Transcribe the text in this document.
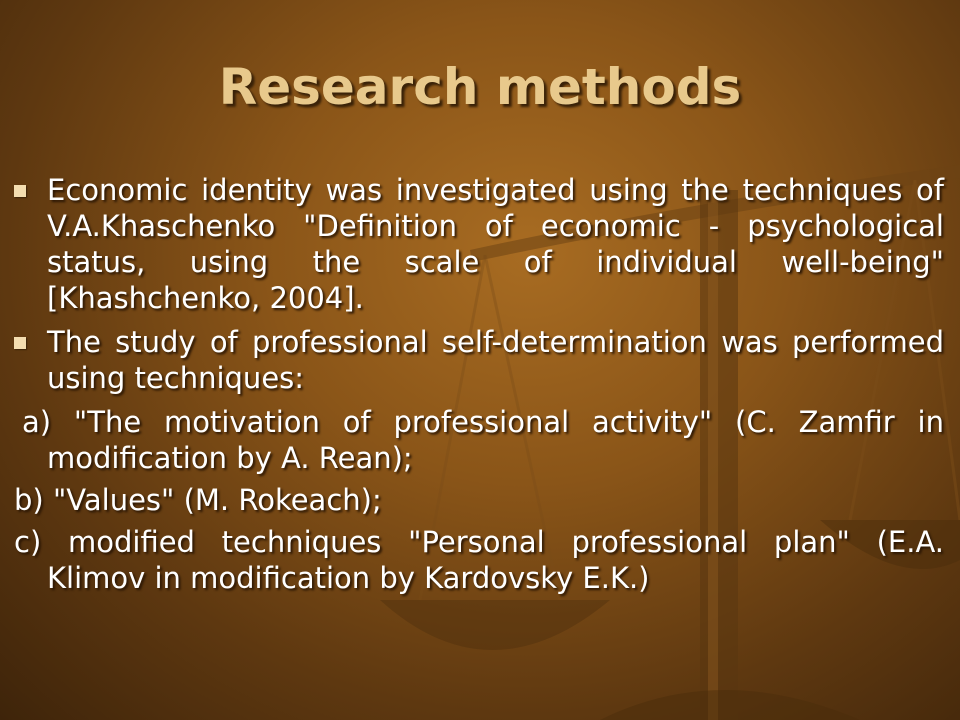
Research methods
Economic identity was investigated using the techniques of V.A.Khaschenko "Definition of economic - psychological status, using the scale of individual well-being" [Khashchenko, 2004].
The study of professional self-determination was performed using techniques:

a) "The motivation of professional activity" (C. Zamfir in modification by A. Rean);

b) "Values" (M. Rokeach);

c) modified techniques "Personal professional plan" (E.A. Klimov in modification by Kardovsky E.K.)
